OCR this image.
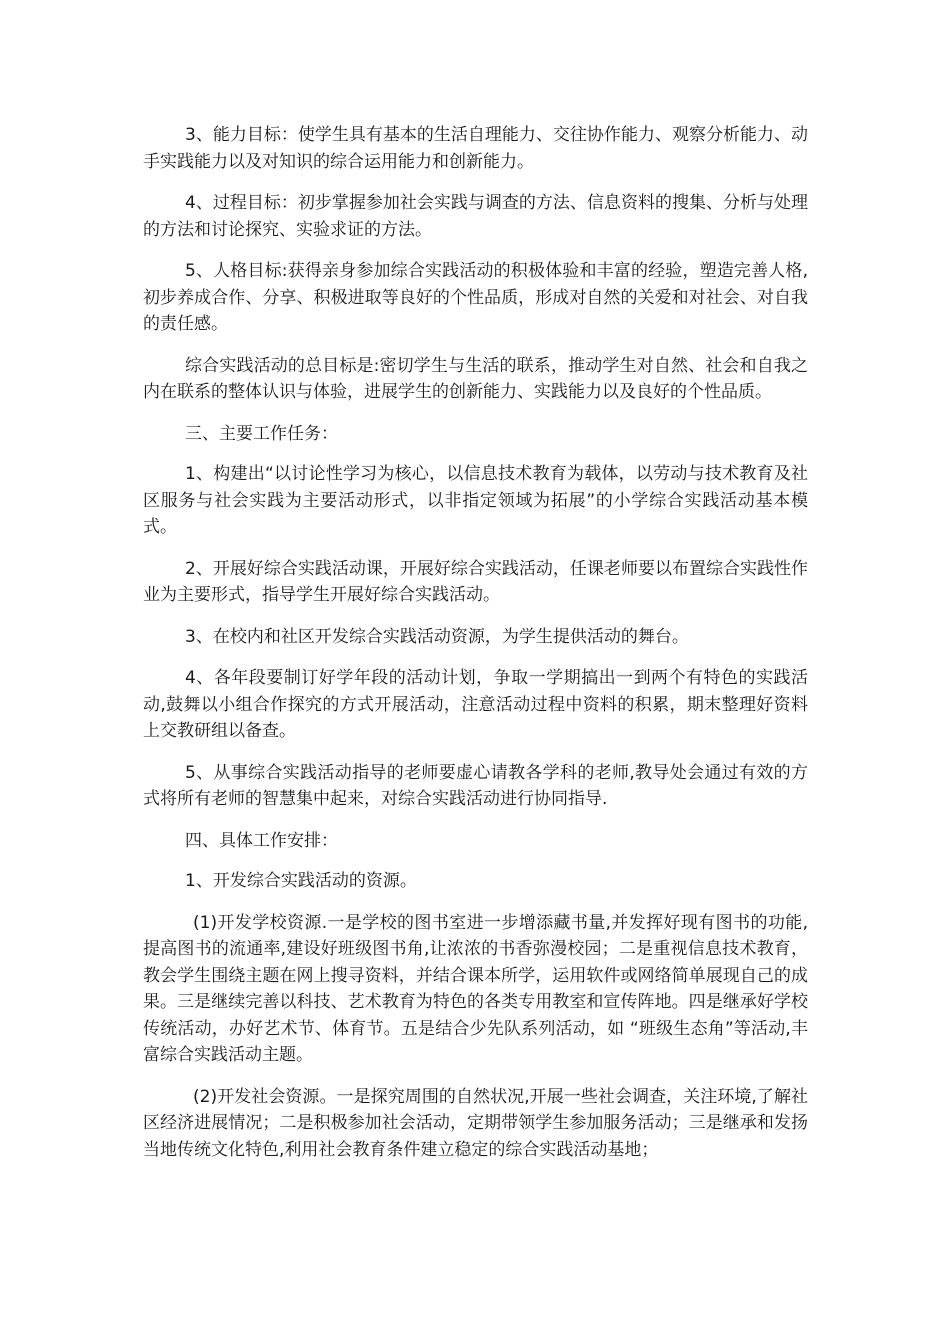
3、能力目标：使学生具有基本的生活自理能力、交往协作能力、观察分析能力、动手实践能力以及对知识的综合运用能力和创新能力。

4、过程目标：初步掌握参加社会实践与调查的方法、信息资料的搜集、分析与处理的方法和讨论探究、实验求证的方法。

5、人格目标:获得亲身参加综合实践活动的积极体验和丰富的经验，塑造完善人格,初步养成合作、分享、积极进取等良好的个性品质，形成对自然的关爱和对社会、对自我的责任感。

综合实践活动的总目标是:密切学生与生活的联系，推动学生对自然、社会和自我之内在联系的整体认识与体验，进展学生的创新能力、实践能力以及良好的个性品质。

三、主要工作任务：

1、构建出“以讨论性学习为核心，以信息技术教育为载体，以劳动与技术教育及社区服务与社会实践为主要活动形式，以非指定领域为拓展”的小学综合实践活动基本模式。

2、开展好综合实践活动课，开展好综合实践活动，任课老师要以布置综合实践性作业为主要形式，指导学生开展好综合实践活动。

3、在校内和社区开发综合实践活动资源，为学生提供活动的舞台。

4、各年段要制订好学年段的活动计划，争取一学期搞出一到两个有特色的实践活动,鼓舞以小组合作探究的方式开展活动，注意活动过程中资料的积累，期末整理好资料上交教研组以备查。

5、从事综合实践活动指导的老师要虚心请教各学科的老师,教导处会通过有效的方式将所有老师的智慧集中起来，对综合实践活动进行协同指导.

四、具体工作安排：

1、开发综合实践活动的资源。

(1)开发学校资源.一是学校的图书室进一步增添藏书量,并发挥好现有图书的功能,提高图书的流通率,建设好班级图书角,让浓浓的书香弥漫校园；二是重视信息技术教育，教会学生围绕主题在网上搜寻资料，并结合课本所学，运用软件或网络简单展现自己的成果。三是继续完善以科技、艺术教育为特色的各类专用教室和宣传阵地。四是继承好学校传统活动，办好艺术节、体育节。五是结合少先队系列活动，如 “班级生态角”等活动,丰富综合实践活动主题。

(2)开发社会资源。一是探究周围的自然状况,开展一些社会调查，关注环境,了解社区经济进展情况；二是积极参加社会活动，定期带领学生参加服务活动；三是继承和发扬当地传统文化特色,利用社会教育条件建立稳定的综合实践活动基地；
